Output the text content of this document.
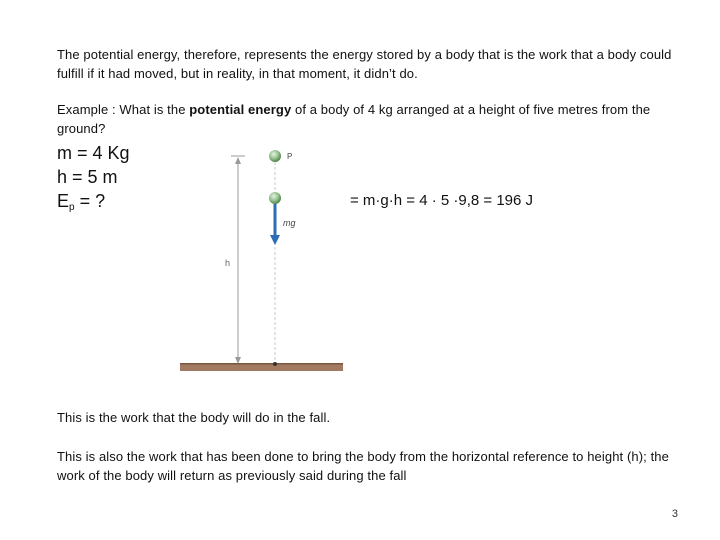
The potential energy, therefore, represents the energy stored by a body that is the work that a body could fulfill if it had moved, but in reality, in that moment, it didn’t do.

Example : What is the potential energy of a body of 4 kg arranged at a height of five metres from the ground?

m = 4 Kg

h = 5 m

$E_p$ = ?	= m·g·h = 4 · 5 ·9,8 = 196 J
h
P
mg

This is the work that the body will do in the fall.

This is also the work that has been done to bring the body from the horizontal reference to height (h); the work of the body will return as previously said during the fall

3
